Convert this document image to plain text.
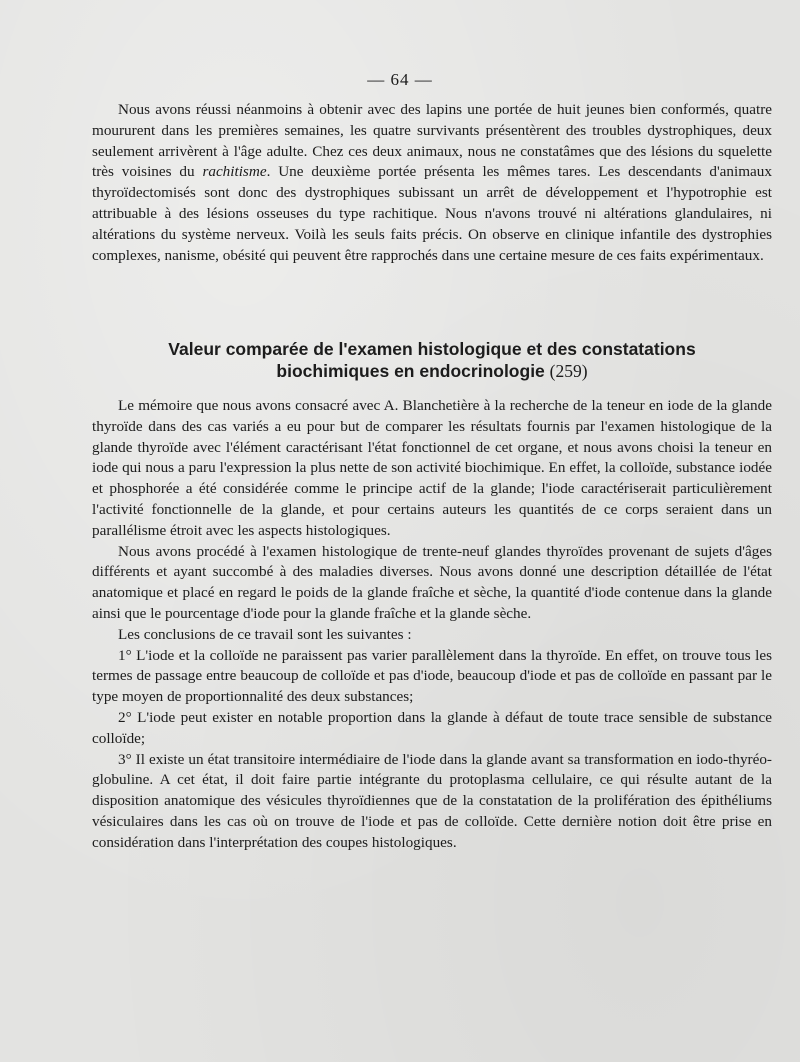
— 64 —

Nous avons réussi néanmoins à obtenir avec des lapins une portée de huit jeunes bien conformés, quatre moururent dans les premières semaines, les quatre survivants présentèrent des troubles dystrophiques, deux seulement arrivèrent à l'âge adulte. Chez ces deux animaux, nous ne constatâmes que des lésions du squelette très voisines du rachitisme. Une deuxième portée présenta les mêmes tares. Les descendants d'animaux thyroïdectomisés sont donc des dystrophiques subissant un arrêt de développement et l'hypotrophie est attribuable à des lésions osseuses du type rachitique. Nous n'avons trouvé ni altérations glandulaires, ni altérations du système nerveux. Voilà les seuls faits précis. On observe en clinique infantile des dystrophies complexes, nanisme, obésité qui peuvent être rapprochés dans une certaine mesure de ces faits expérimentaux.

Valeur comparée de l'examen histologique et des constatations
biochimiques en endocrinologie (259)

Le mémoire que nous avons consacré avec A. Blanchetière à la recherche de la teneur en iode de la glande thyroïde dans des cas variés a eu pour but de comparer les résultats fournis par l'examen histologique de la glande thyroïde avec l'élément caractérisant l'état fonctionnel de cet organe, et nous avons choisi la teneur en iode qui nous a paru l'expression la plus nette de son activité biochimique. En effet, la colloïde, substance iodée et phosphorée a été considérée comme le principe actif de la glande; l'iode caractériserait particulièrement l'activité fonctionnelle de la glande, et pour certains auteurs les quantités de ce corps seraient dans un parallélisme étroit avec les aspects histologiques.

Nous avons procédé à l'examen histologique de trente-neuf glandes thyroïdes provenant de sujets d'âges différents et ayant succombé à des maladies diverses. Nous avons donné une description détaillée de l'état anatomique et placé en regard le poids de la glande fraîche et sèche, la quantité d'iode contenue dans la glande ainsi que le pourcentage d'iode pour la glande fraîche et la glande sèche.

Les conclusions de ce travail sont les suivantes :

1° L'iode et la colloïde ne paraissent pas varier parallèlement dans la thyroïde. En effet, on trouve tous les termes de passage entre beaucoup de colloïde et pas d'iode, beaucoup d'iode et pas de colloïde en passant par le type moyen de proportionnalité des deux substances;

2° L'iode peut exister en notable proportion dans la glande à défaut de toute trace sensible de substance colloïde;

3° Il existe un état transitoire intermédiaire de l'iode dans la glande avant sa transformation en iodo-thyréo-globuline. A cet état, il doit faire partie intégrante du protoplasma cellulaire, ce qui résulte autant de la disposition anatomique des vésicules thyroïdiennes que de la constatation de la prolifération des épithéliums vésiculaires dans les cas où on trouve de l'iode et pas de colloïde. Cette dernière notion doit être prise en considération dans l'interprétation des coupes histologiques.
